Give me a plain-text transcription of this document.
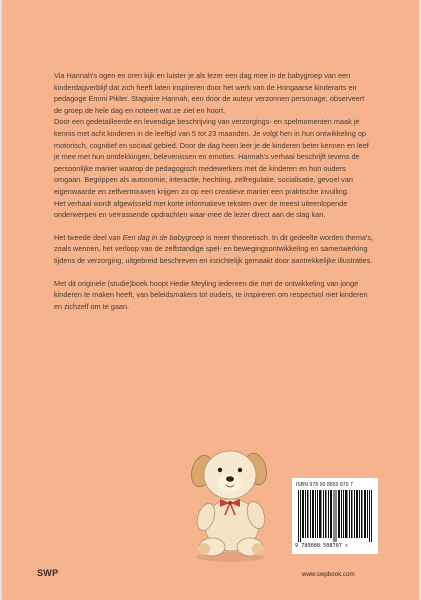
Via Hannah's ogen en oren kijk en luister je als lezer een dag mee in de babygroep van een kinderdagverblijf dat zich heeft laten inspireren door het werk van de Hongaarse kinderarts en pedagoge Emmi Pikler. Stagiaire Hannah, een door de auteur verzonnen personage, observeert de groep de hele dag en noteert wat ze ziet en hoort.

Door een gedetailleerde en levendige beschrijving van verzorgings- en spelmomenten maak je kennis met acht kinderen in de leeftijd van 5 tot 23 maanden. Je volgt hen in hun ontwikkeling op motorisch, cognitief en sociaal gebied. Door de dag heen leer je de kinderen beter kennen en leef je mee met hun ontdekkingen, belevenissen en emoties. Hannah's verhaal beschrijft tevens de persoonlijke manier waarop de pedagogisch medewerkers met de kinderen en hun ouders omgaan. Begrippen als autonomie, interactie, hechting, zelfregulatie, socialisatie, gevoel van eigenwaarde en zelfvertrouwen krijgen zo op een creatieve manier een praktische invulling.

Het verhaal wordt afgewisseld met korte informatieve teksten over de meest uiteenlopende onderwerpen en verrassende opdrachten waar-mee de lezer direct aan de slag kan.

Het tweede deel van Een dag in de babygroep is meer theoretisch. In dit gedeelte worden thema's, zoals wennen, het verloop van de zelfstandige spel- en bewegingsontwikkeling en samenwerking tijdens de verzorging, uitgebreid beschreven en inzichtelijk gemaakt door aantrekkelijke illustraties.

Met dit originele (studie)boek hoopt Hedie Meyling iedereen die met de ontwikkeling van jonge kinderen te maken heeft, van beleidsmakers tot ouders, te inspireren om respectvol met kinderen en zichzelf om te gaan.

ISBN 978 90 8850 870 7
9 789088 508707 >
SWP	www.swpbook.com
